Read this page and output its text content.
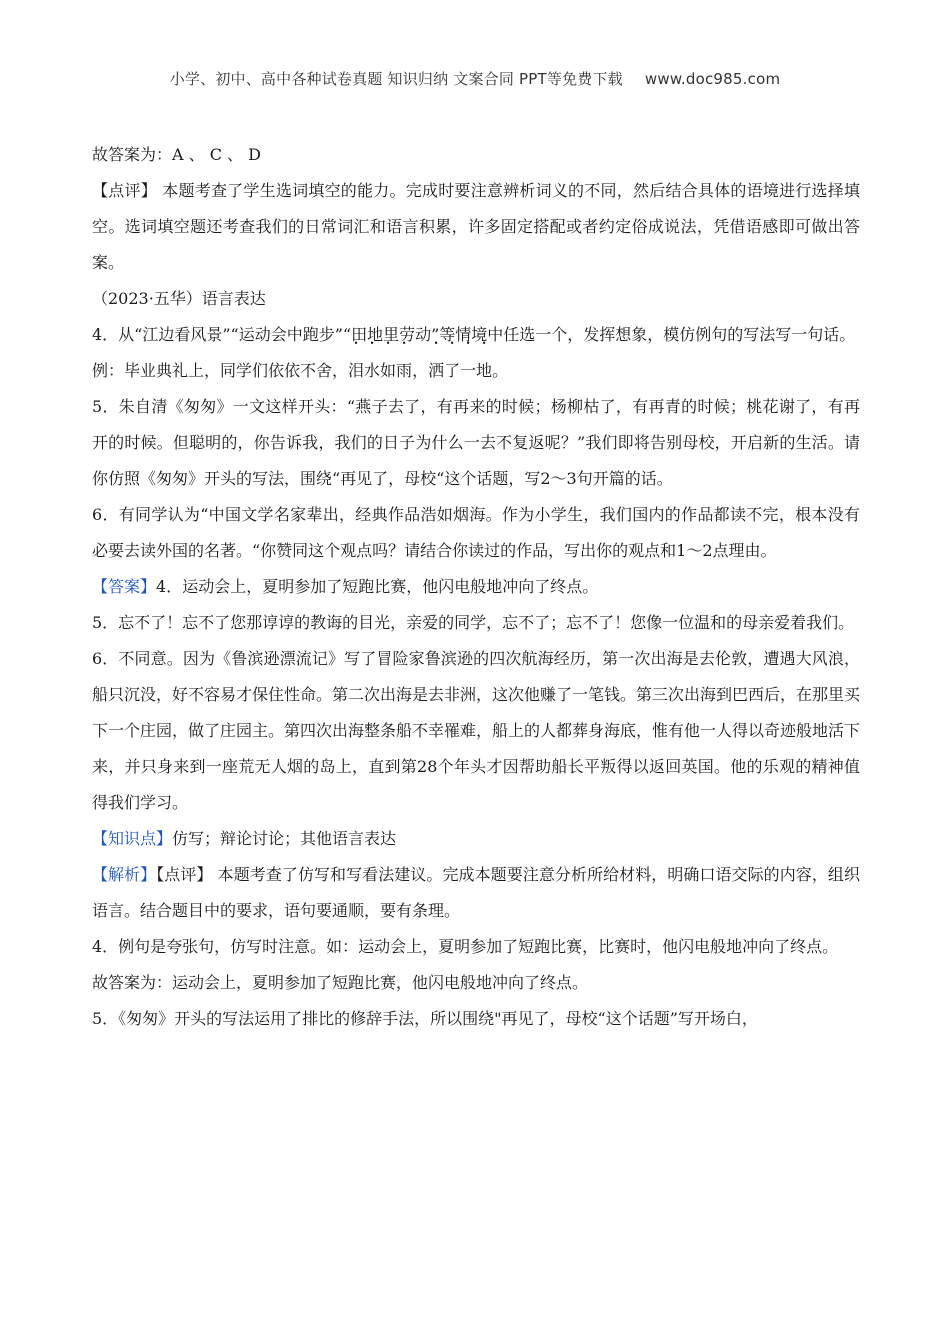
小学、初中、高中各种试卷真题 知识归纳 文案合同 PPT等免费下载 www.doc985.com

故答案为：A 、 C 、 D

【点评】 本题考查了学生选词填空的能力。完成时要注意辨析词义的不同，然后结合具体的语境进行选择填空。选词填空题还考查我们的日常词汇和语言积累，许多固定搭配或者约定俗成说法，凭借语感即可做出答案。

（2023·五华）语言表达

4．从“江边看风景”“运动会中跑步”“田地里劳动”等情境中任选一个，发挥想象，模仿例句的写法写一句话。

例：毕业典礼上，同学们依依不舍，泪水如雨，洒了一地。

5．朱自清《匆匆》一文这样开头：“燕子去了，有再来的时候；杨柳枯了，有再青的时候；桃花谢了，有再开的时候。但聪明的，你告诉我，我们的日子为什么一去不复返呢？”我们即将告别母校，开启新的生活。请你仿照《匆匆》开头的写法，围绕“再见了，母校“这个话题，写2～3句开篇的话。

6．有同学认为“中国文学名家辈出，经典作品浩如烟海。作为小学生，我们国内的作品都读不完，根本没有必要去读外国的名著。“你赞同这个观点吗？请结合你读过的作品，写出你的观点和1～2点理由。

【答案】4．运动会上，夏明参加了短跑比赛，他闪电般地冲向了终点。

5．忘不了！忘不了您那谆谆的教诲的目光，亲爱的同学，忘不了；忘不了！您像一位温和的母亲爱着我们。

6．不同意。因为《鲁滨逊漂流记》写了冒险家鲁滨逊的四次航海经历，第一次出海是去伦敦，遭遇大风浪，船只沉没，好不容易才保住性命。第二次出海是去非洲，这次他赚了一笔钱。第三次出海到巴西后，在那里买下一个庄园，做了庄园主。第四次出海整条船不幸罹难，船上的人都葬身海底，惟有他一人得以奇迹般地活下来，并只身来到一座荒无人烟的岛上，直到第28个年头才因帮助船长平叛得以返回英国。他的乐观的精神值得我们学习。

【知识点】仿写；辩论讨论；其他语言表达

【解析】【点评】 本题考查了仿写和写看法建议。完成本题要注意分析所给材料，明确口语交际的内容，组织语言。结合题目中的要求，语句要通顺，要有条理。

4．例句是夸张句，仿写时注意。如：运动会上，夏明参加了短跑比赛，比赛时，他闪电般地冲向了终点。

故答案为：运动会上，夏明参加了短跑比赛，他闪电般地冲向了终点。

5．《匆匆》开头的写法运用了排比的修辞手法，所以围绕"再见了，母校“这个话题”写开场白，
